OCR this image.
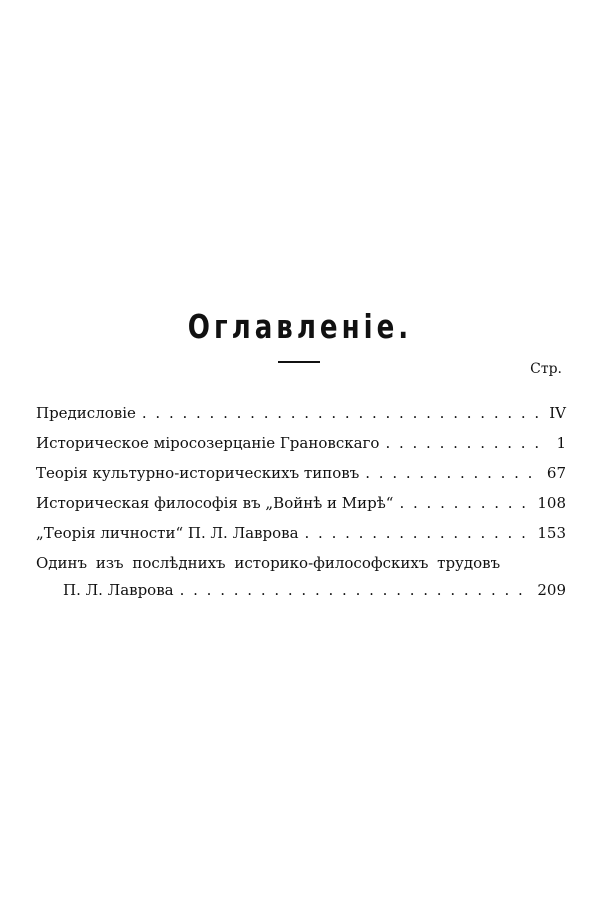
Оглавленіе.
Стр.
Предисловіе . . .	IV
Историческое міросозерцаніе Грановскаго . . .	1
Теорія культурно-историческихъ типовъ . . .	67
Историческая философія въ „Войнѣ и Мирѣ“ . . .	108
„Теорія личности“ П. Л. Лаврова . . .	153
Одинъ изъ послѣднихъ историко-философскихъ трудовъ
П. Л. Лаврова . . .	209
